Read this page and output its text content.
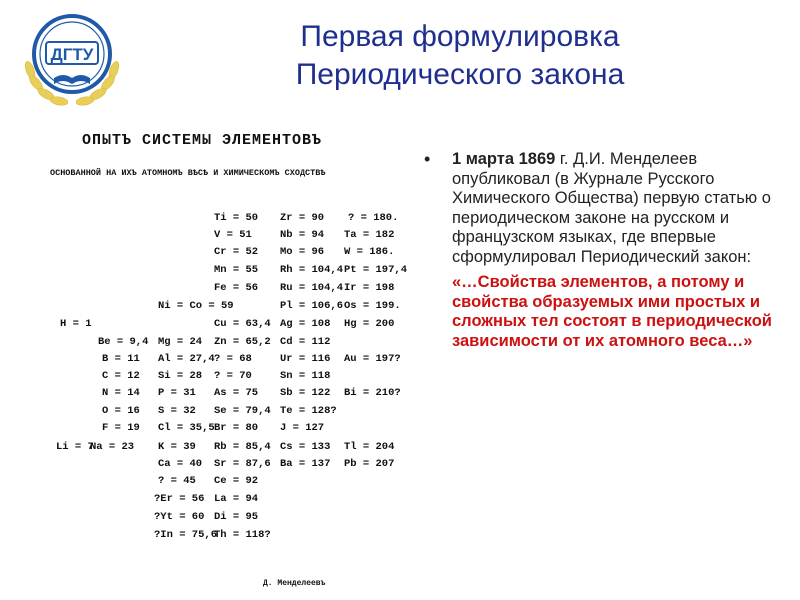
ДГТУ
Первая формулировка
Периодического закона
ОПЫТЪ СИСТЕМЫ ЭЛЕМЕНТОВЪ
ОСНОВАННОЙ НА ИХЪ АТОМНОМЪ ВѢСѢ И ХИМИЧЕСКОМЪ СХОДСТВѢ
H = 1
Li = 7
Be = 9,4
B = 11
C = 12
N = 14
O = 16
F = 19
Na = 23
Ni = Co = 59
Mg = 24
Al = 27,4
Si = 28
P = 31
S = 32
Cl = 35,5
K = 39
Ca = 40
? = 45
?Er = 56
?Yt = 60
?In = 75,6
Ti = 50
V = 51
Cr = 52
Mn = 55
Fe = 56
Cu = 63,4
Zn = 65,2
? = 68
? = 70
As = 75
Se = 79,4
Br = 80
Rb = 85,4
Sr = 87,6
Ce = 92
La = 94
Di = 95
Th = 118?
Zr = 90
Nb = 94
Mo = 96
Rh = 104,4
Ru = 104,4
Pl = 106,6
Ag = 108
Cd = 112
Ur = 116
Sn = 118
Sb = 122
Te = 128?
J = 127
Cs = 133
Ba = 137
? = 180.
Ta = 182
W = 186.
Pt = 197,4
Ir = 198
Os = 199.
Hg = 200
Au = 197?
Bi = 210?
Tl = 204
Pb = 207
Д. Менделеевъ
• 1 марта 1869 г. Д.И. Менделеев опубликовал (в Журнале Русского Химического Общества) первую статью о периодическом законе на русском и французском языках, где впервые сформулировал Периодический закон:
«…Свойства элементов, а потому и свойства образуемых ими простых и сложных тел состоят в периодической зависимости от их атомного веса…»
